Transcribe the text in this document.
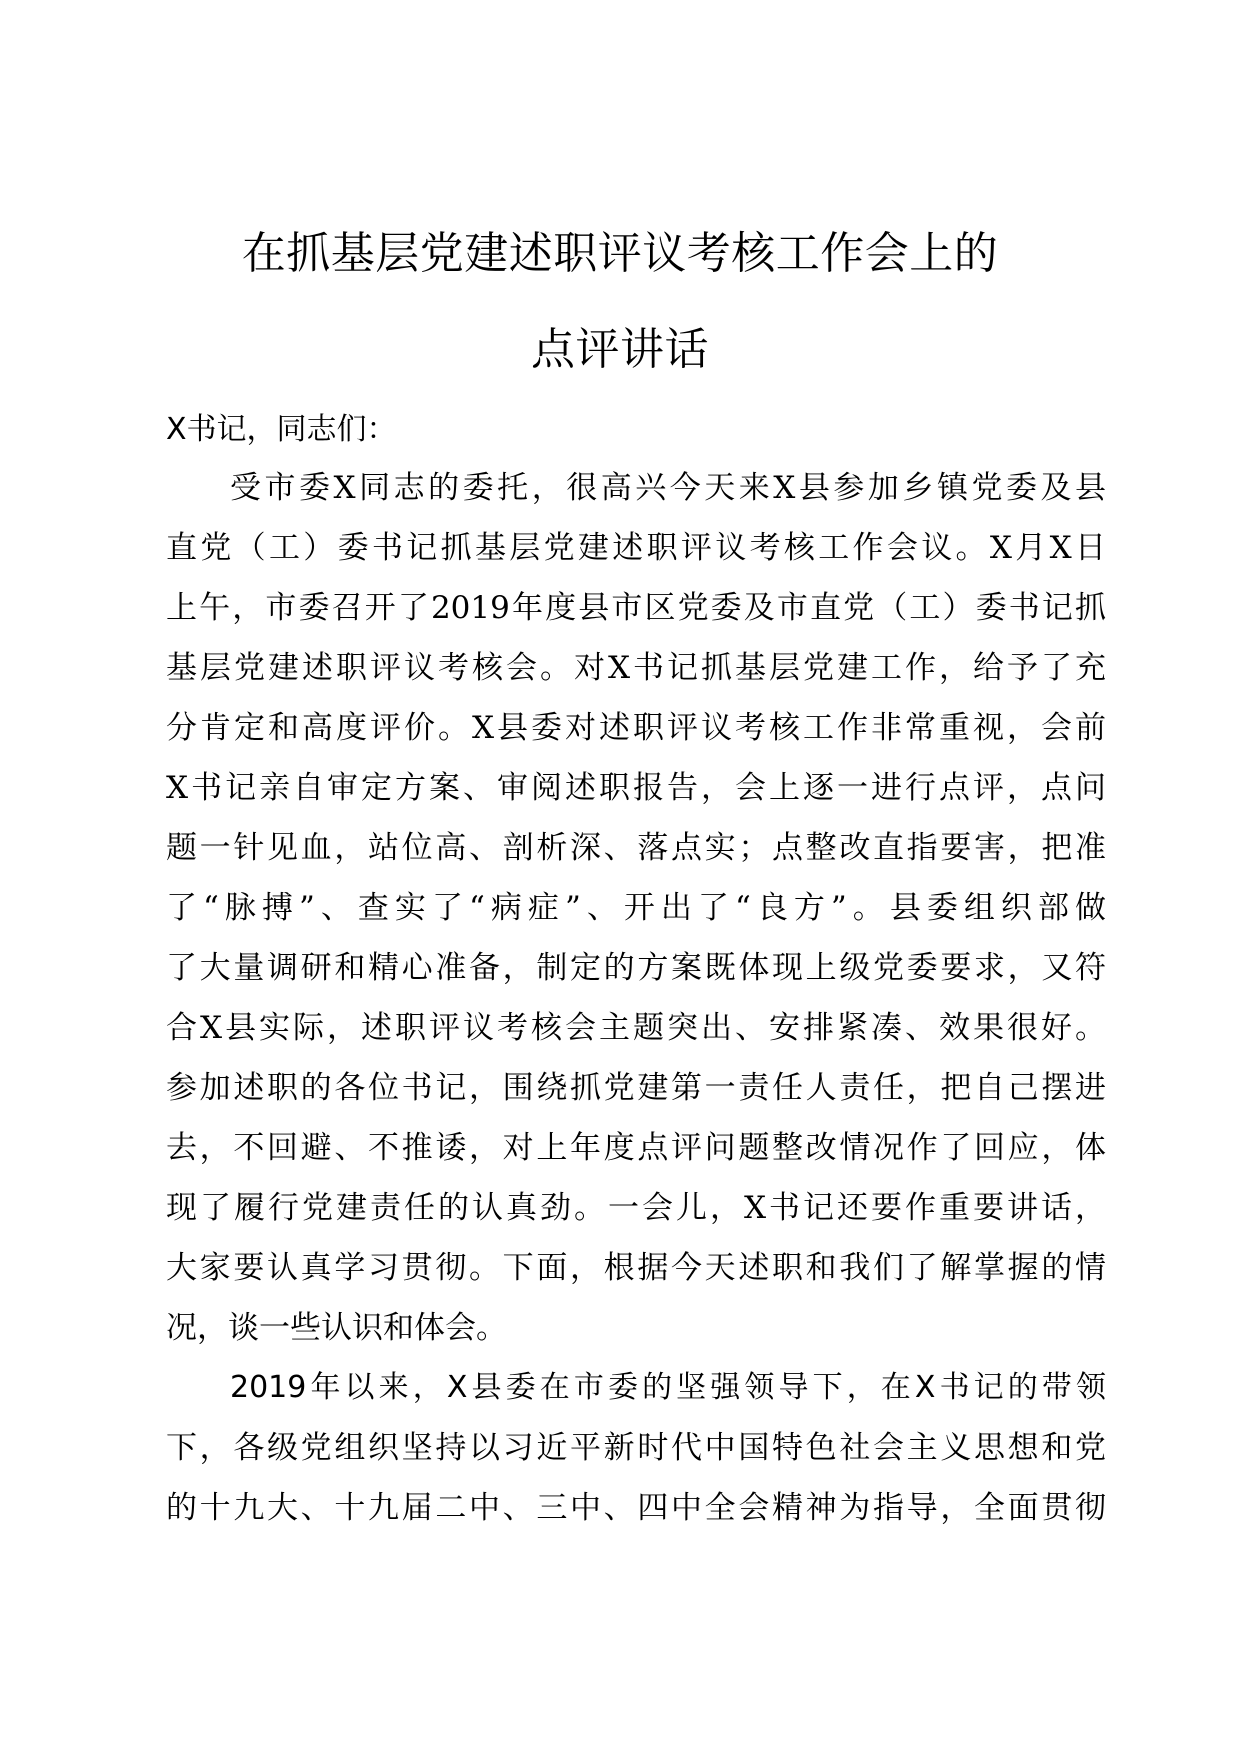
在抓基层党建述职评议考核工作会上的
点评讲话
X书记，同志们：
受市委X同志的委托，很高兴今天来X县参加乡镇党委及县
直党（工）委书记抓基层党建述职评议考核工作会议。X月X日
上午，市委召开了2019年度县市区党委及市直党（工）委书记抓
基层党建述职评议考核会。对X书记抓基层党建工作，给予了充
分肯定和高度评价。X县委对述职评议考核工作非常重视，会前
X书记亲自审定方案、审阅述职报告，会上逐一进行点评，点问
题一针见血，站位高、剖析深、落点实；点整改直指要害，把准
了“脉搏”、查实了“病症”、开出了“良方”。县委组织部做
了大量调研和精心准备，制定的方案既体现上级党委要求，又符
合X县实际，述职评议考核会主题突出、安排紧凑、效果很好。
参加述职的各位书记，围绕抓党建第一责任人责任，把自己摆进
去，不回避、不推诿，对上年度点评问题整改情况作了回应，体
现了履行党建责任的认真劲。一会儿，X书记还要作重要讲话，
大家要认真学习贯彻。下面，根据今天述职和我们了解掌握的情
况，谈一些认识和体会。
2019年以来，X县委在市委的坚强领导下，在X书记的带领
下，各级党组织坚持以习近平新时代中国特色社会主义思想和党
的十九大、十九届二中、三中、四中全会精神为指导，全面贯彻
